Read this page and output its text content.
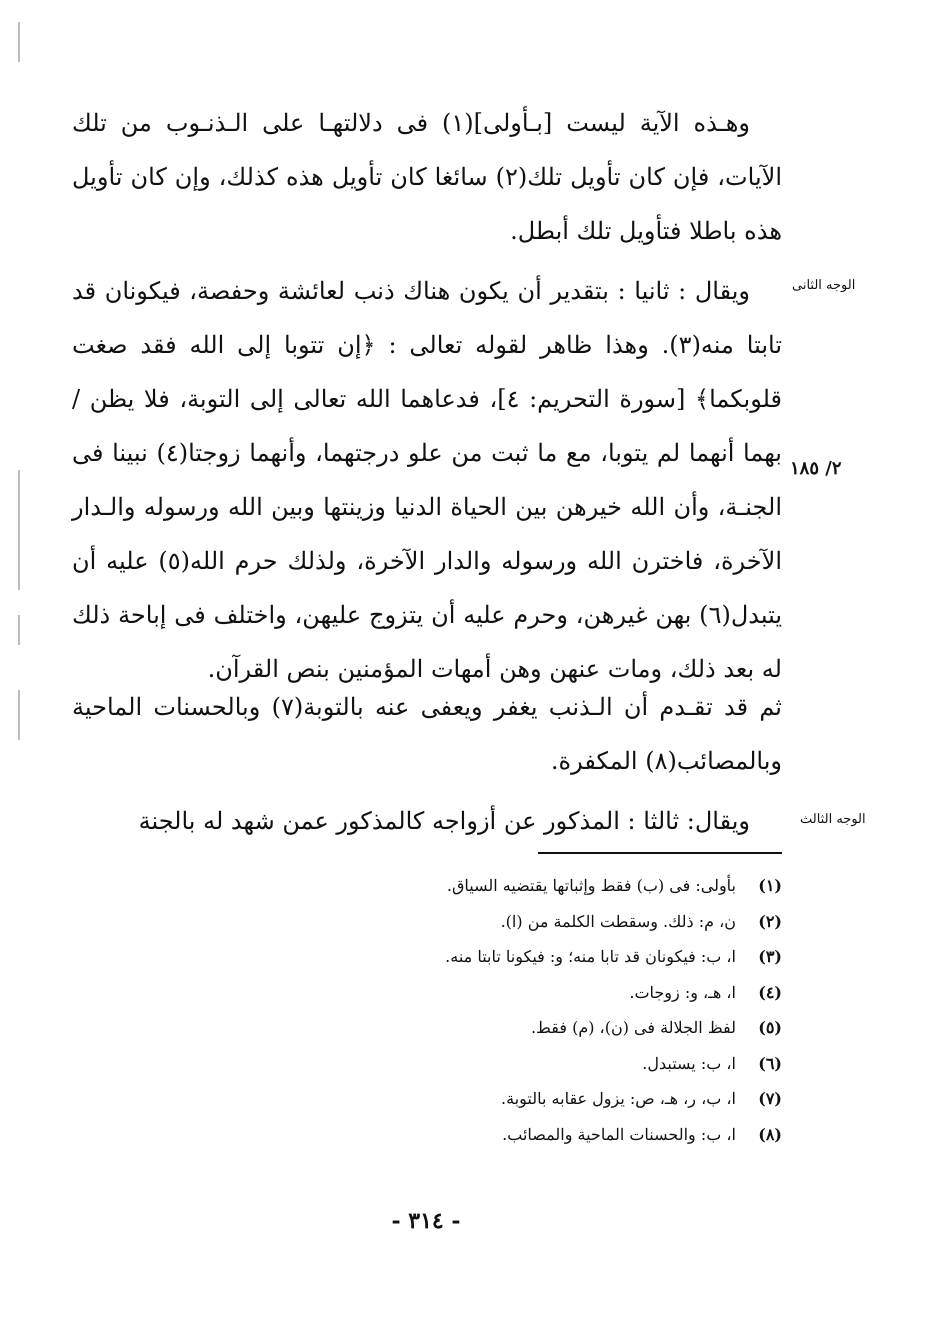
الوجه الثانى
٢/ ١٨٥
الوجه الثالث

وهـذه الآية ليست [بـأولى](١) فى دلالتهـا على الـذنـوب من تلك الآيات، فإن كان تأويل تلك(٢) سائغا كان تأويل هذه كذلك، وإن كان تأويل هذه باطلا فتأويل تلك أبطل.

ويقال : ثانيا : بتقدير أن يكون هناك ذنب لعائشة وحفصة، فيكونان قد تابتا منه(٣). وهذا ظاهر لقوله تعالى : ﴿إن تتوبا إلى الله فقد صغت قلوبكما﴾ [سورة التحريم: ٤]، فدعاهما الله تعالى إلى التوبة، فلا يظن / بهما أنهما لم يتوبا، مع ما ثبت من علو درجتهما، وأنهما زوجتا(٤) نبينا فى الجنـة، وأن الله خيرهن بين الحياة الدنيا وزينتها وبين الله ورسوله والـدار الآخرة، فاخترن الله ورسوله والدار الآخرة، ولذلك حرم الله(٥) عليه أن يتبدل(٦) بهن غيرهن، وحرم عليه أن يتزوج عليهن، واختلف فى إباحة ذلك له بعد ذلك، ومات عنهن وهن أمهات المؤمنين بنص القرآن.

ثم قد تقـدم أن الـذنب يغفر ويعفى عنه بالتوبة(٧) وبالحسنات الماحية وبالمصائب(٨) المكفرة.

ويقال: ثالثا : المذكور عن أزواجه كالمذكور عمن شهد له بالجنة

(١)
بأولى: فى (ب) فقط وإثباتها يقتضيه السياق.
(٢)
ن، م: ذلك. وسقطت الكلمة من (ا).
(٣)
ا، ب: فيكونان قد تابا منه؛ و: فيكونا تابتا منه.
(٤)
ا، هـ، و: زوجات.
(٥)
لفظ الجلالة فى (ن)، (م) فقط.
(٦)
ا، ب: يستبدل.
(٧)
ا، ب، ر، هـ، ص: يزول عقابه بالتوبة.
(٨)
ا، ب: والحسنات الماحية والمصائب.
- ٣١٤ -
